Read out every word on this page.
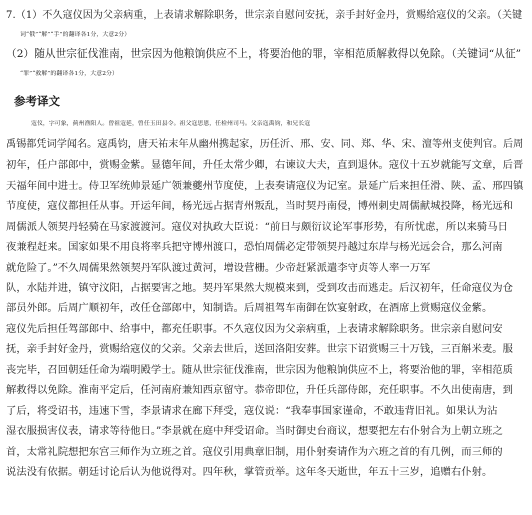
7.（1）不久寇仪因为父亲病重，上表请求解除职务，世宗亲自慰问安抚，亲手封好金丹，赏赐给寇仪的父亲。（关键
词“俄”“解”“手”的翻译各1分，大意2分）
（2）随从世宗征伐淮南，世宗因为他粮饷供应不上，将要治他的罪，宰相范质解救得以免除。（关键词“从征”
“罪”“救解”的翻译各1分，大意2分）
参考译文
寇仪，字可象，蓟州渔阳人。曾祖寇延，曾任玉田县令。祖父寇思恩，任检州司马。父亲寇禹钧，和兄长寇
禹锡都凭词学闻名。寇禹钧，唐天祐末年从幽州携起家，历任沂、邢、安、同、郑、华、宋、澶等州支使判官。后周
初年，任户部郎中，赏赐金紫。显德年间，升任太常少卿，右谏议大夫，直到退休。寇仪十五岁就能写文章，后晋
天福年间中进士。侍卫军统帅景延广领兼夔州节度使，上表奏请寇仪为记室。景延广后来担任滑、陕、孟、邢四镇
节度使，寇仪都担任从事。开运年间，杨光远占据青州叛乱，当时契丹南侵，博州刺史周儒献城投降，杨光远和
周儒派人领契丹轻骑在马家渡渡河。寇仪对执政大臣说：“前日与颇衍议论军事形势，有所忧虑，所以来骑马日
夜兼程赶来。国家如果不用良将率兵把守博州渡口，恐怕周儒必定带领契丹越过东岸与杨光远会合，那么河南
就危险了。”不久周儒果然领契丹军队渡过黄河，增设营栅。少帝赶紧派遣李守贞等人率一万军
队，水陆并进，镇守汶阳，占据要害之地。契丹军果然大规模来到，受到攻击而逃走。后汉初年，任命寇仪为仓
部员外郎。后周广顺初年，改任仓部郎中，知制诰。后周祖驾车南御在饮宴射政，在酒席上赏赐寇仪金紫。
寇仪先后担任驾部郎中、给事中，都充任职事。不久寇仪因为父亲病重，上表请求解除职务。世宗亲自慰问安
抚，亲手封好金丹，赏赐给寇仪的父亲。父亲去世后，送回洛阳安葬。世宗下诏赏赐三十万钱，三百斛米麦。服
丧完毕，召回朝廷任命为端明殿学士。随从世宗征伐淮南，世宗因为他粮饷供应不上，将要治他的罪，宰相范质
解救得以免除。淮南平定后，任河南府兼知西京留守。恭帝即位，升任兵部侍郎，充任职事。不久出使南唐，到
了后，将受诏书，违速下雪，李景请求在廊下拜受，寇仪说：“我奉事国家谨命，不敢违背旧礼。如果认为沾
湿衣服损害仪表，请求等待他日。”李景就在庭中拜受诏命。当时御史台商议，想要把左右仆射合为上朝立班之
首，太常礼院想把东宫三师作为立班之首。寇仪引用典章旧制，用仆射奏请作为六班之首的有几例，而三师的
说法没有依据。朝廷讨论后认为他说得对。四年秋，掌管贡举。这年冬天逝世，年五十三岁，追赠右仆射。
